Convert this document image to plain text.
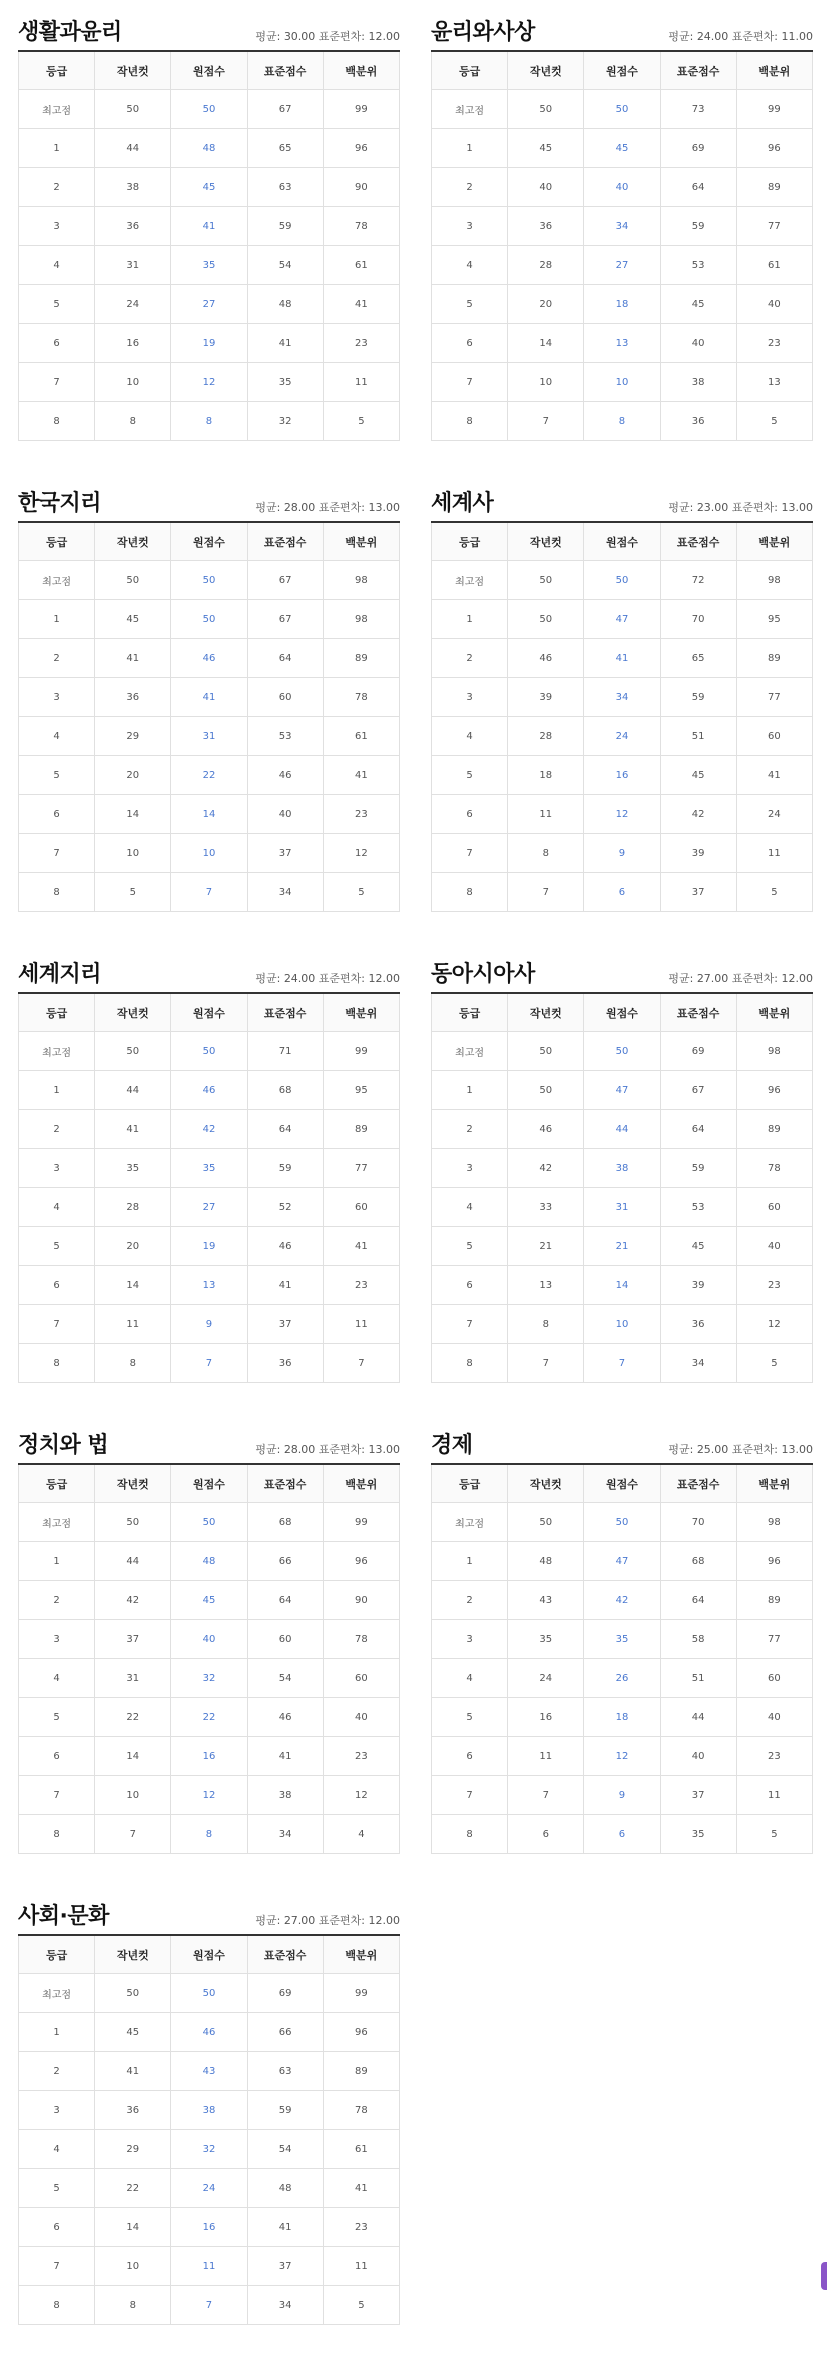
생활과윤리	평균: 30.00 표준편차: 12.00
등급	작년컷	원점수	표준점수	백분위
최고점	50	50	67	99
1	44	48	65	96
2	38	45	63	90
3	36	41	59	78
4	31	35	54	61
5	24	27	48	41
6	16	19	41	23
7	10	12	35	11
8	8	8	32	5
윤리와사상	평균: 24.00 표준편차: 11.00
등급	작년컷	원점수	표준점수	백분위
최고점	50	50	73	99
1	45	45	69	96
2	40	40	64	89
3	36	34	59	77
4	28	27	53	61
5	20	18	45	40
6	14	13	40	23
7	10	10	38	13
8	7	8	36	5
한국지리	평균: 28.00 표준편차: 13.00
등급	작년컷	원점수	표준점수	백분위
최고점	50	50	67	98
1	45	50	67	98
2	41	46	64	89
3	36	41	60	78
4	29	31	53	61
5	20	22	46	41
6	14	14	40	23
7	10	10	37	12
8	5	7	34	5
세계사	평균: 23.00 표준편차: 13.00
등급	작년컷	원점수	표준점수	백분위
최고점	50	50	72	98
1	50	47	70	95
2	46	41	65	89
3	39	34	59	77
4	28	24	51	60
5	18	16	45	41
6	11	12	42	24
7	8	9	39	11
8	7	6	37	5
세계지리	평균: 24.00 표준편차: 12.00
등급	작년컷	원점수	표준점수	백분위
최고점	50	50	71	99
1	44	46	68	95
2	41	42	64	89
3	35	35	59	77
4	28	27	52	60
5	20	19	46	41
6	14	13	41	23
7	11	9	37	11
8	8	7	36	7
동아시아사	평균: 27.00 표준편차: 12.00
등급	작년컷	원점수	표준점수	백분위
최고점	50	50	69	98
1	50	47	67	96
2	46	44	64	89
3	42	38	59	78
4	33	31	53	60
5	21	21	45	40
6	13	14	39	23
7	8	10	36	12
8	7	7	34	5
정치와 법	평균: 28.00 표준편차: 13.00
등급	작년컷	원점수	표준점수	백분위
최고점	50	50	68	99
1	44	48	66	96
2	42	45	64	90
3	37	40	60	78
4	31	32	54	60
5	22	22	46	40
6	14	16	41	23
7	10	12	38	12
8	7	8	34	4
경제	평균: 25.00 표준편차: 13.00
등급	작년컷	원점수	표준점수	백분위
최고점	50	50	70	98
1	48	47	68	96
2	43	42	64	89
3	35	35	58	77
4	24	26	51	60
5	16	18	44	40
6	11	12	40	23
7	7	9	37	11
8	6	6	35	5
사회·문화	평균: 27.00 표준편차: 12.00
등급	작년컷	원점수	표준점수	백분위
최고점	50	50	69	99
1	45	46	66	96
2	41	43	63	89
3	36	38	59	78
4	29	32	54	61
5	22	24	48	41
6	14	16	41	23
7	10	11	37	11
8	8	7	34	5
